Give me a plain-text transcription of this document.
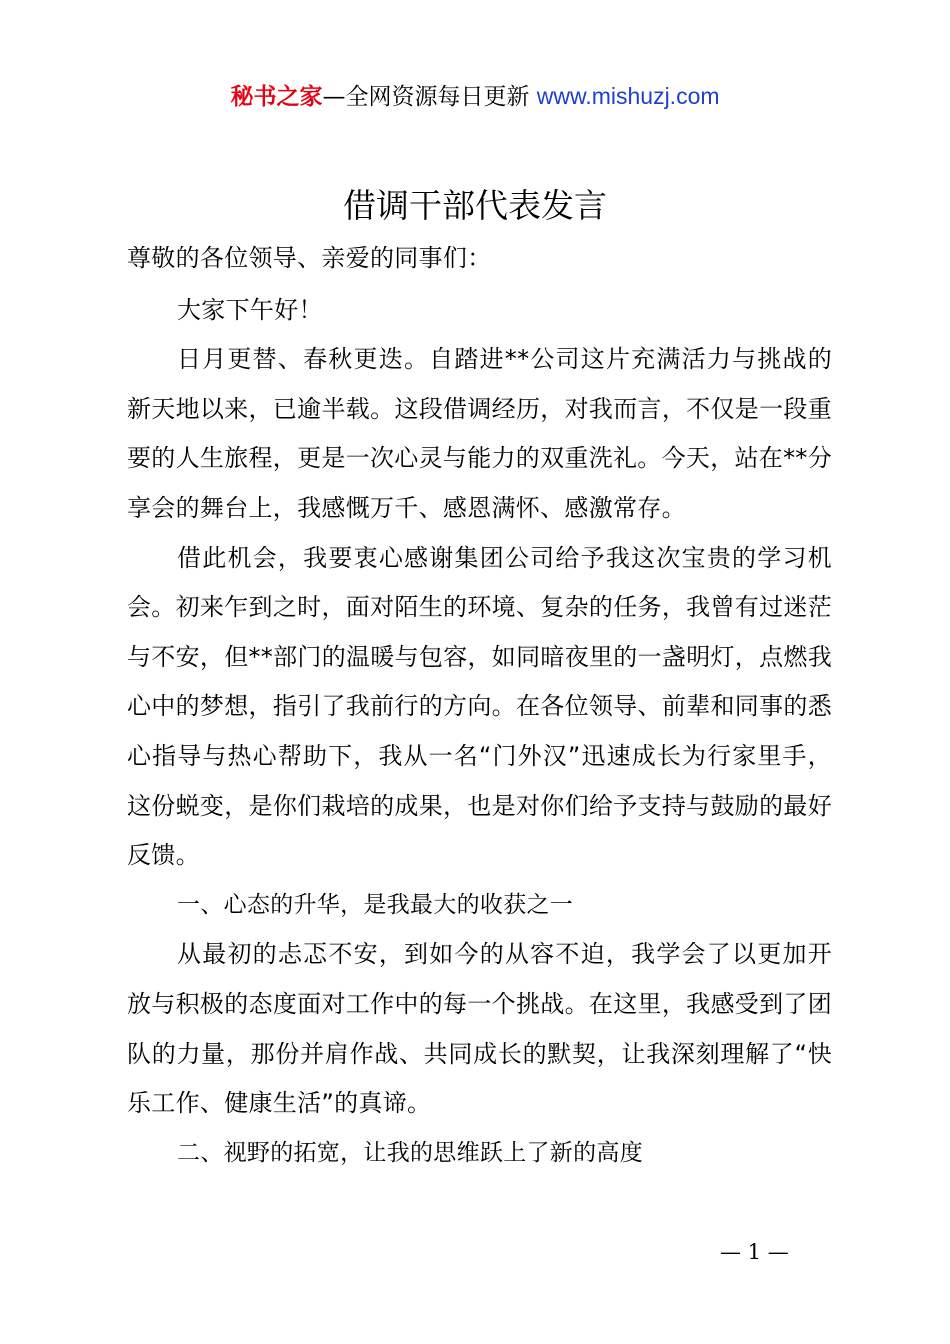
秘书之家—全网资源每日更新 www.mishuzj.com
借调干部代表发言

尊敬的各位领导、亲爱的同事们：

大家下午好！

日月更替、春秋更迭。自踏进**公司这片充满活力与挑战的新天地以来，已逾半载。这段借调经历，对我而言，不仅是一段重要的人生旅程，更是一次心灵与能力的双重洗礼。今天，站在**分享会的舞台上，我感慨万千、感恩满怀、感激常存。

借此机会，我要衷心感谢集团公司给予我这次宝贵的学习机会。初来乍到之时，面对陌生的环境、复杂的任务，我曾有过迷茫与不安，但**部门的温暖与包容，如同暗夜里的一盏明灯，点燃我心中的梦想，指引了我前行的方向。在各位领导、前辈和同事的悉心指导与热心帮助下，我从一名“门外汉”迅速成长为行家里手，这份蜕变，是你们栽培的成果，也是对你们给予支持与鼓励的最好反馈。

一、心态的升华，是我最大的收获之一

从最初的忐忑不安，到如今的从容不迫，我学会了以更加开放与积极的态度面对工作中的每一个挑战。在这里，我感受到了团队的力量，那份并肩作战、共同成长的默契，让我深刻理解了“快乐工作、健康生活”的真谛。

二、视野的拓宽，让我的思维跃上了新的高度

— 1 —
